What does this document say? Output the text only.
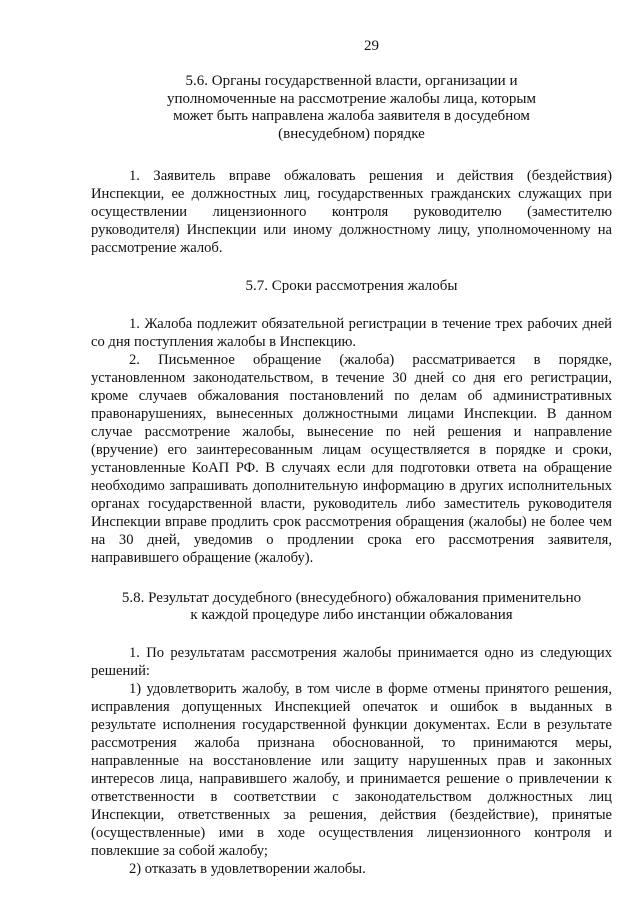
29
5.6. Органы государственной власти, организации и
уполномоченные на рассмотрение жалобы лица, которым
может быть направлена жалоба заявителя в досудебном
(внесудебном) порядке

1. Заявитель вправе обжаловать решения и действия (бездействия) Инспекции, ее должностных лиц, государственных гражданских служащих при осуществлении лицензионного контроля руководителю (заместителю руководителя) Инспекции или иному должностному лицу, уполномоченному на рассмотрение жалоб.

5.7. Сроки рассмотрения жалобы

1. Жалоба подлежит обязательной регистрации в течение трех рабочих дней со дня поступления жалобы в Инспекцию.

2. Письменное обращение (жалоба) рассматривается в порядке, установленном законодательством, в течение 30 дней со дня его регистрации, кроме случаев обжалования постановлений по делам об административных правонарушениях, вынесенных должностными лицами Инспекции. В данном случае рассмотрение жалобы, вынесение по ней решения и направление (вручение) его заинтересованным лицам осуществляется в порядке и сроки, установленные КоАП РФ. В случаях если для подготовки ответа на обращение необходимо запрашивать дополнительную информацию в других исполнительных органах государственной власти, руководитель либо заместитель руководителя Инспекции вправе продлить срок рассмотрения обращения (жалобы) не более чем на 30 дней, уведомив о продлении срока его рассмотрения заявителя, направившего обращение (жалобу).

5.8. Результат досудебного (внесудебного) обжалования применительно
к каждой процедуре либо инстанции обжалования

1. По результатам рассмотрения жалобы принимается одно из следующих решений:

1) удовлетворить жалобу, в том числе в форме отмены принятого решения, исправления допущенных Инспекцией опечаток и ошибок в выданных в результате исполнения государственной функции документах. Если в результате рассмотрения жалоба признана обоснованной, то принимаются меры, направленные на восстановление или защиту нарушенных прав и законных интересов лица, направившего жалобу, и принимается решение о привлечении к ответственности в соответствии с законодательством должностных лиц Инспекции, ответственных за решения, действия (бездействие), принятые (осуществленные) ими в ходе осуществления лицензионного контроля и повлекшие за собой жалобу;

2) отказать в удовлетворении жалобы.
